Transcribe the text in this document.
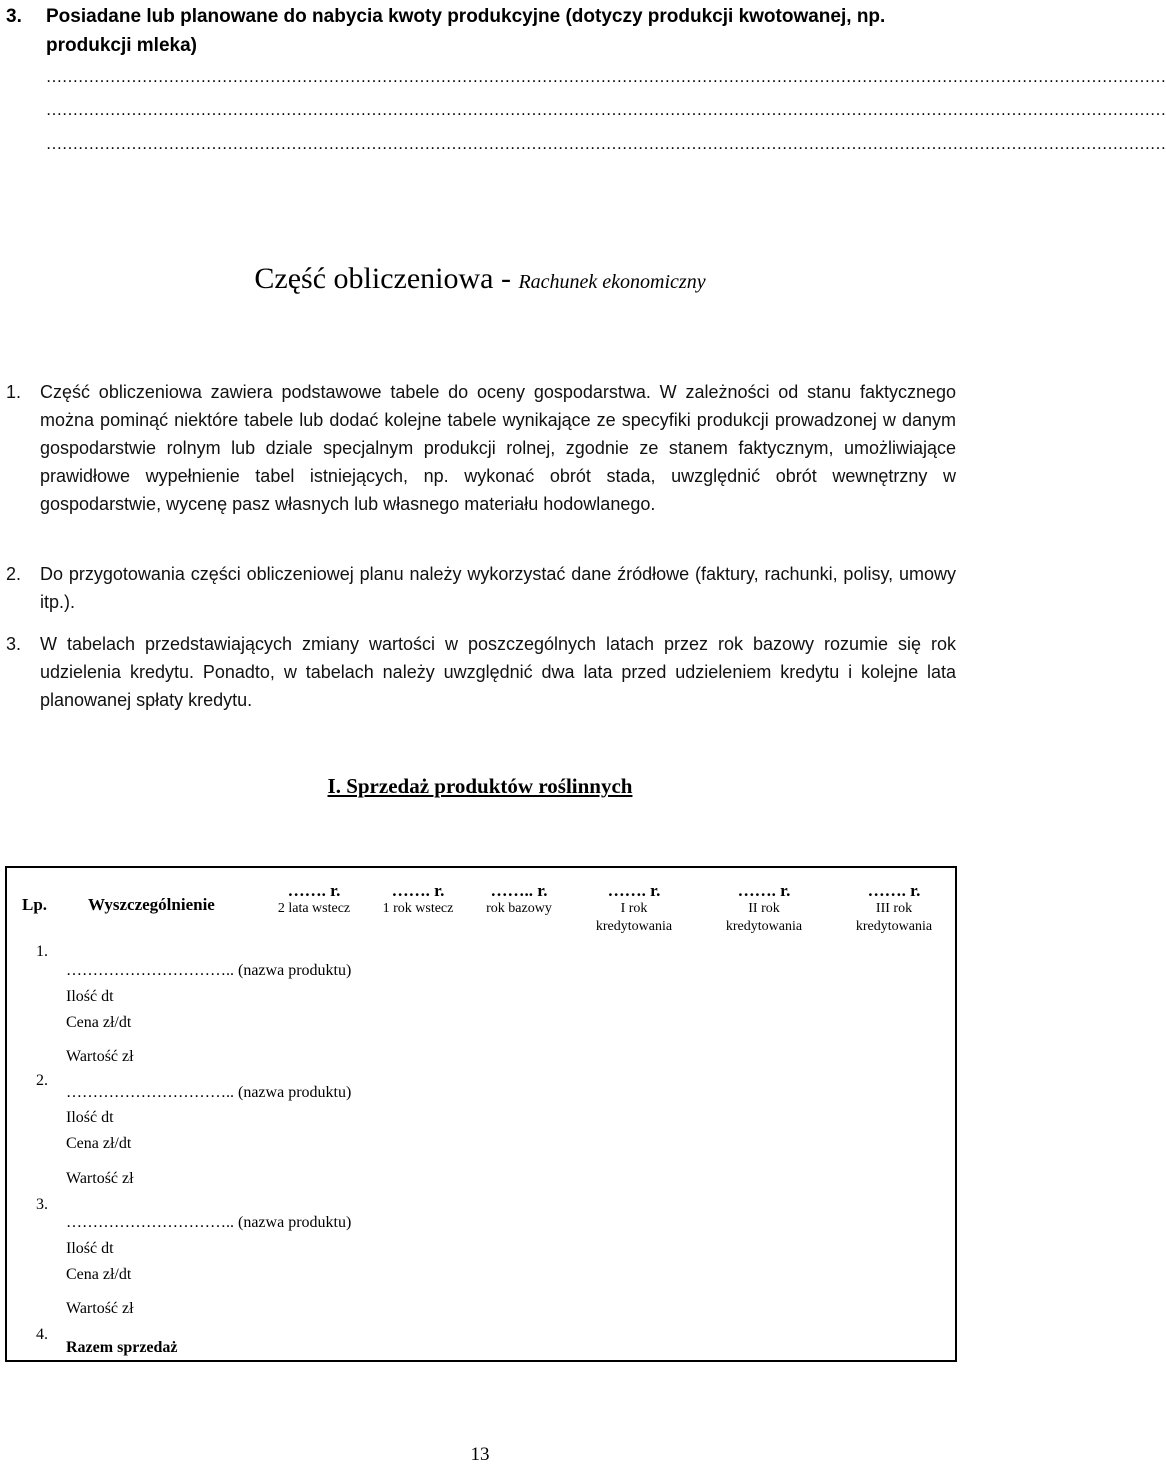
3. Posiadane lub planowane do nabycia kwoty produkcyjne (dotyczy produkcji kwotowanej, np. produkcji mleka)
…………………………………………………………………………………………………………………………………………………………………………………………
…………………………………………………………………………………………………………………………………………………………………………………………
…………………………………………………………………………………………………………………………………………………………………………………………
Część obliczeniowa - Rachunek ekonomiczny
1. Część obliczeniowa zawiera podstawowe tabele do oceny gospodarstwa. W zależności od stanu faktycznego można pominąć niektóre tabele lub dodać kolejne tabele wynikające ze specyfiki produkcji prowadzonej w danym gospodarstwie rolnym lub dziale specjalnym produkcji rolnej, zgodnie ze stanem faktycznym, umożliwiające prawidłowe wypełnienie tabel istniejących, np. wykonać obrót stada, uwzględnić obrót wewnętrzny w gospodarstwie, wycenę pasz własnych lub własnego materiału hodowlanego.
2. Do przygotowania części obliczeniowej planu należy wykorzystać dane źródłowe (faktury, rachunki, polisy, umowy itp.).
3. W tabelach przedstawiających zmiany wartości w poszczególnych latach przez rok bazowy rozumie się rok udzielenia kredytu. Ponadto, w tabelach należy uwzględnić dwa lata przed udzieleniem kredytu i kolejne lata planowanej spłaty kredytu.
I. Sprzedaż produktów roślinnych
Lp. Wyszczególnienie
……. r.
2 lata wstecz
……. r.
1 rok wstecz
…….. r.
rok bazowy
……. r.
I rok kredytowania
……. r.
II rok kredytowania
……. r.
III rok kredytowania
1.
………………………….. (nazwa produktu)
Ilość dt
Cena zł/dt
Wartość zł
2.
………………………….. (nazwa produktu)
Ilość dt
Cena zł/dt
Wartość zł
3.
………………………….. (nazwa produktu)
Ilość dt
Cena zł/dt
Wartość zł
4.
Razem sprzedaż
13
